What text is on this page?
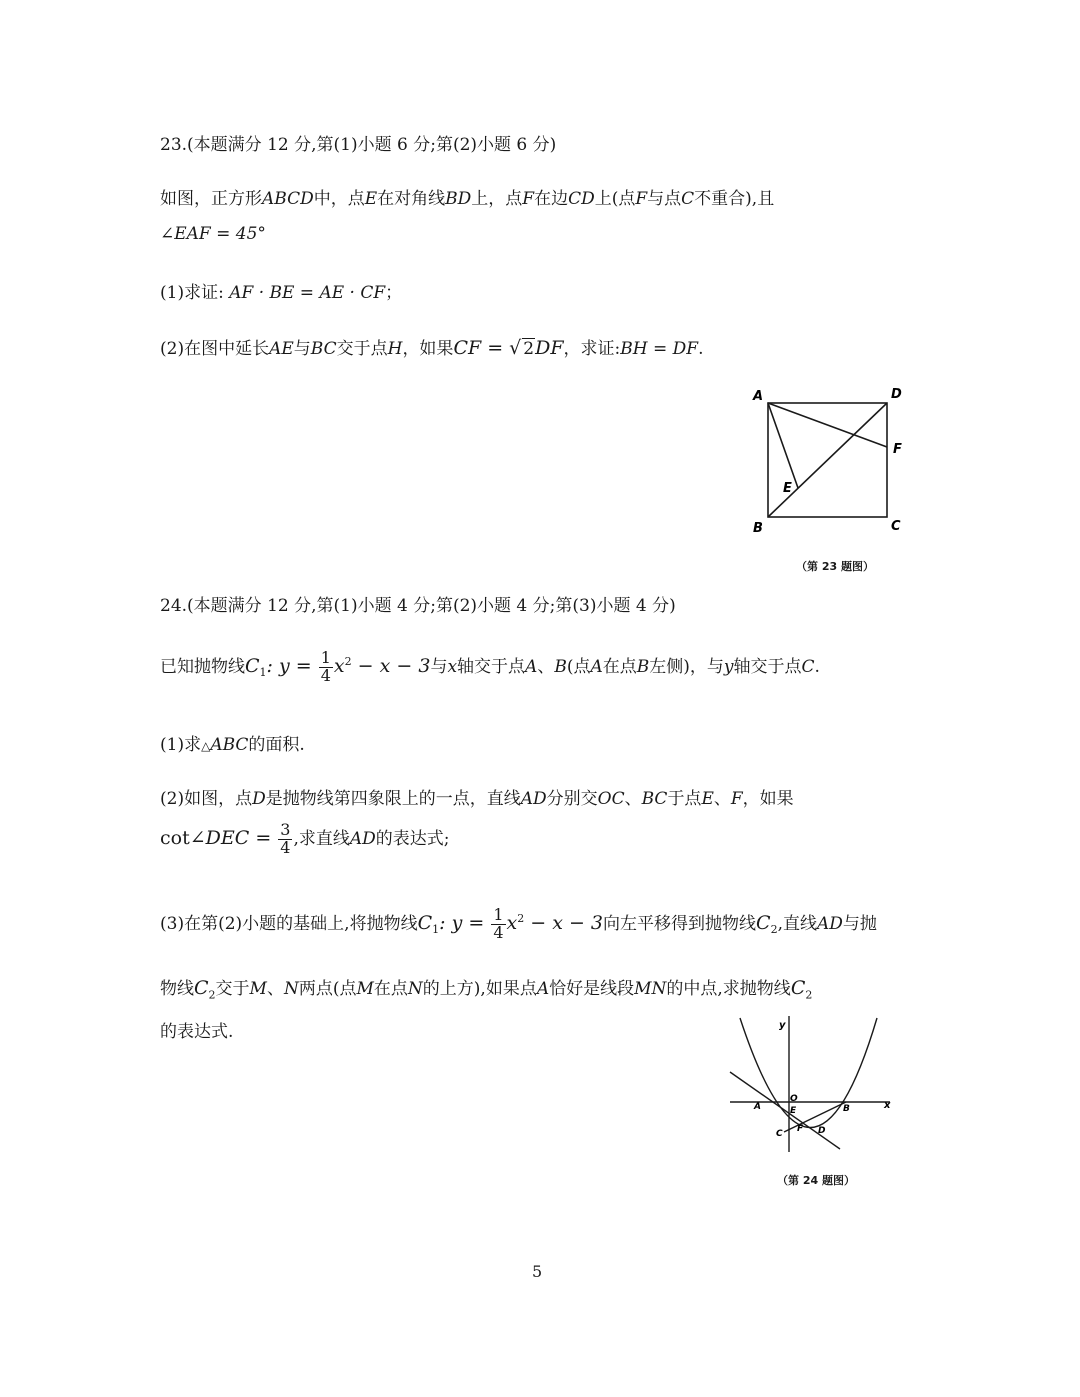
23.(本题满分 12 分,第(1)小题 6 分;第(2)小题 6 分)
如图，正方形ABCD中，点E在对角线BD上，点F在边CD上(点F与点C不重合),且
∠EAF = 45°
(1)求证: AF · BE = AE · CF；
(2)在图中延长AE与BC交于点H，如果CF = √ 2DF，求证:BH = DF.
A	D
F
E
B	C
（第 23 题图）
24.(本题满分 12 分,第(1)小题 4 分;第(2)小题 4 分;第(3)小题 4 分)
已知抛物线$C_1$: $y = \frac{1}{4} x^2 - x - 3$与x轴交于点A、B(点A在点B左侧)，与y轴交于点C.
(1)求△ABC的面积.
(2)如图，点D是抛物线第四象限上的一点，直线AD分别交OC、BC于点E、F，如果
cot∠DEC = $\frac{3}{4}$ ,求直线AD的表达式;
(3)在第(2)小题的基础上,将抛物线$C_1$: $y = \frac{1}{4} x^2 - x - 3$向左平移得到抛物线$C_2$,直线AD与抛
物线$C_2$交于M、N两点(点M在点N的上方),如果点A恰好是线段MN的中点,求抛物线$C_2$
的表达式.	y
x
A
O
B
E
C F D
（第 24 题图）
5
